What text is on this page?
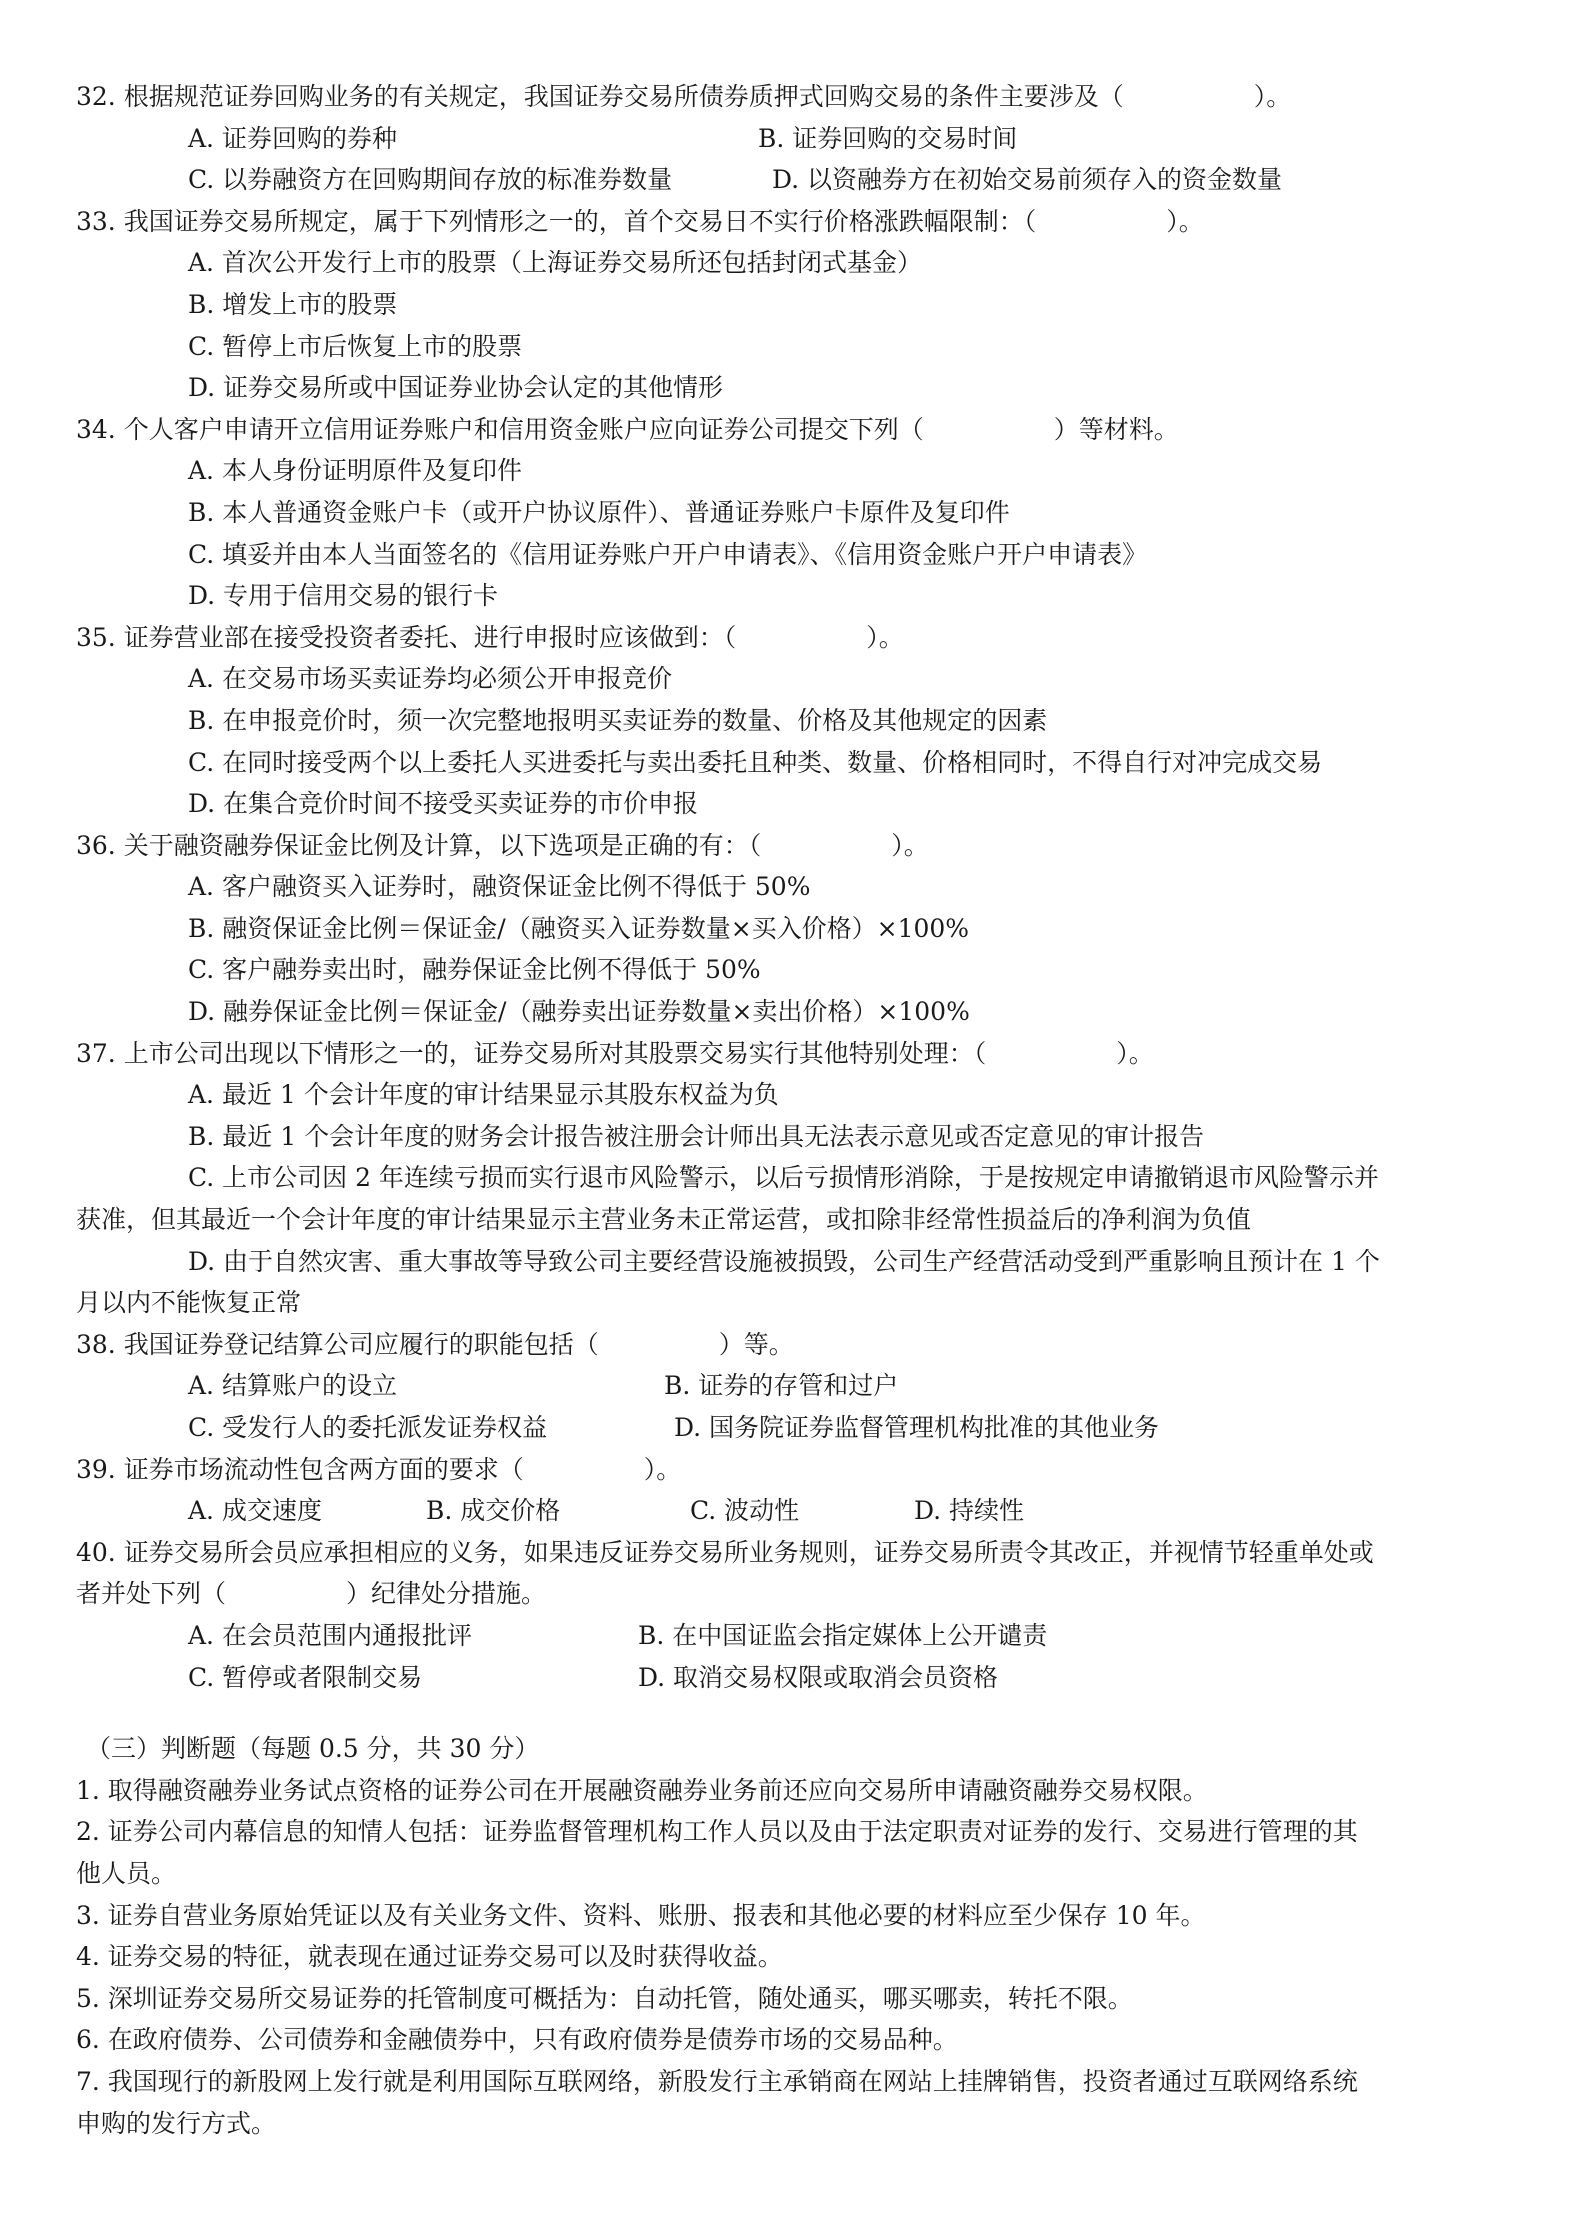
32. 根据规范证券回购业务的有关规定，我国证券交易所债券质押式回购交易的条件主要涉及（	）。
A. 证券回购的券种	B. 证券回购的交易时间
C. 以券融资方在回购期间存放的标准券数量	D. 以资融券方在初始交易前须存入的资金数量
33. 我国证券交易所规定，属于下列情形之一的，首个交易日不实行价格涨跌幅限制：（	）。
A. 首次公开发行上市的股票（上海证券交易所还包括封闭式基金）
B. 增发上市的股票
C. 暂停上市后恢复上市的股票
D. 证券交易所或中国证券业协会认定的其他情形
34. 个人客户申请开立信用证券账户和信用资金账户应向证券公司提交下列（	）等材料。
A. 本人身份证明原件及复印件
B. 本人普通资金账户卡（或开户协议原件）、普通证券账户卡原件及复印件
C. 填妥并由本人当面签名的《信用证券账户开户申请表》、《信用资金账户开户申请表》
D. 专用于信用交易的银行卡
35. 证券营业部在接受投资者委托、进行申报时应该做到：（	）。
A. 在交易市场买卖证券均必须公开申报竞价
B. 在申报竞价时，须一次完整地报明买卖证券的数量、价格及其他规定的因素
C. 在同时接受两个以上委托人买进委托与卖出委托且种类、数量、价格相同时，不得自行对冲完成交易
D. 在集合竞价时间不接受买卖证券的市价申报
36. 关于融资融券保证金比例及计算，以下选项是正确的有：（	）。
A. 客户融资买入证券时，融资保证金比例不得低于 50%
B. 融资保证金比例＝保证金/（融资买入证券数量×买入价格）×100%
C. 客户融券卖出时，融券保证金比例不得低于 50%
D. 融券保证金比例＝保证金/（融券卖出证券数量×卖出价格）×100%
37. 上市公司出现以下情形之一的，证券交易所对其股票交易实行其他特别处理：（	）。
A. 最近 1 个会计年度的审计结果显示其股东权益为负
B. 最近 1 个会计年度的财务会计报告被注册会计师出具无法表示意见或否定意见的审计报告
C. 上市公司因 2 年连续亏损而实行退市风险警示，以后亏损情形消除，于是按规定申请撤销退市风险警示并
获准，但其最近一个会计年度的审计结果显示主营业务未正常运营，或扣除非经常性损益后的净利润为负值
D. 由于自然灾害、重大事故等导致公司主要经营设施被损毁，公司生产经营活动受到严重影响且预计在 1 个
月以内不能恢复正常
38. 我国证券登记结算公司应履行的职能包括（	）等。
A. 结算账户的设立	B. 证券的存管和过户
C. 受发行人的委托派发证券权益	D. 国务院证券监督管理机构批准的其他业务
39. 证券市场流动性包含两方面的要求（	）。
A. 成交速度	B. 成交价格	C. 波动性	D. 持续性
40. 证券交易所会员应承担相应的义务，如果违反证券交易所业务规则，证券交易所责令其改正，并视情节轻重单处或
者并处下列（	）纪律处分措施。
A. 在会员范围内通报批评	B. 在中国证监会指定媒体上公开谴责
C. 暂停或者限制交易	D. 取消交易权限或取消会员资格
（三）判断题（每题 0.5 分，共 30 分）
1. 取得融资融券业务试点资格的证券公司在开展融资融券业务前还应向交易所申请融资融券交易权限。
2. 证券公司内幕信息的知情人包括：证券监督管理机构工作人员以及由于法定职责对证券的发行、交易进行管理的其
他人员。
3. 证券自营业务原始凭证以及有关业务文件、资料、账册、报表和其他必要的材料应至少保存 10 年。
4. 证券交易的特征，就表现在通过证券交易可以及时获得收益。
5. 深圳证券交易所交易证券的托管制度可概括为：自动托管，随处通买，哪买哪卖，转托不限。
6. 在政府债券、公司债券和金融债券中，只有政府债券是债券市场的交易品种。
7. 我国现行的新股网上发行就是利用国际互联网络，新股发行主承销商在网站上挂牌销售，投资者通过互联网络系统
申购的发行方式。
